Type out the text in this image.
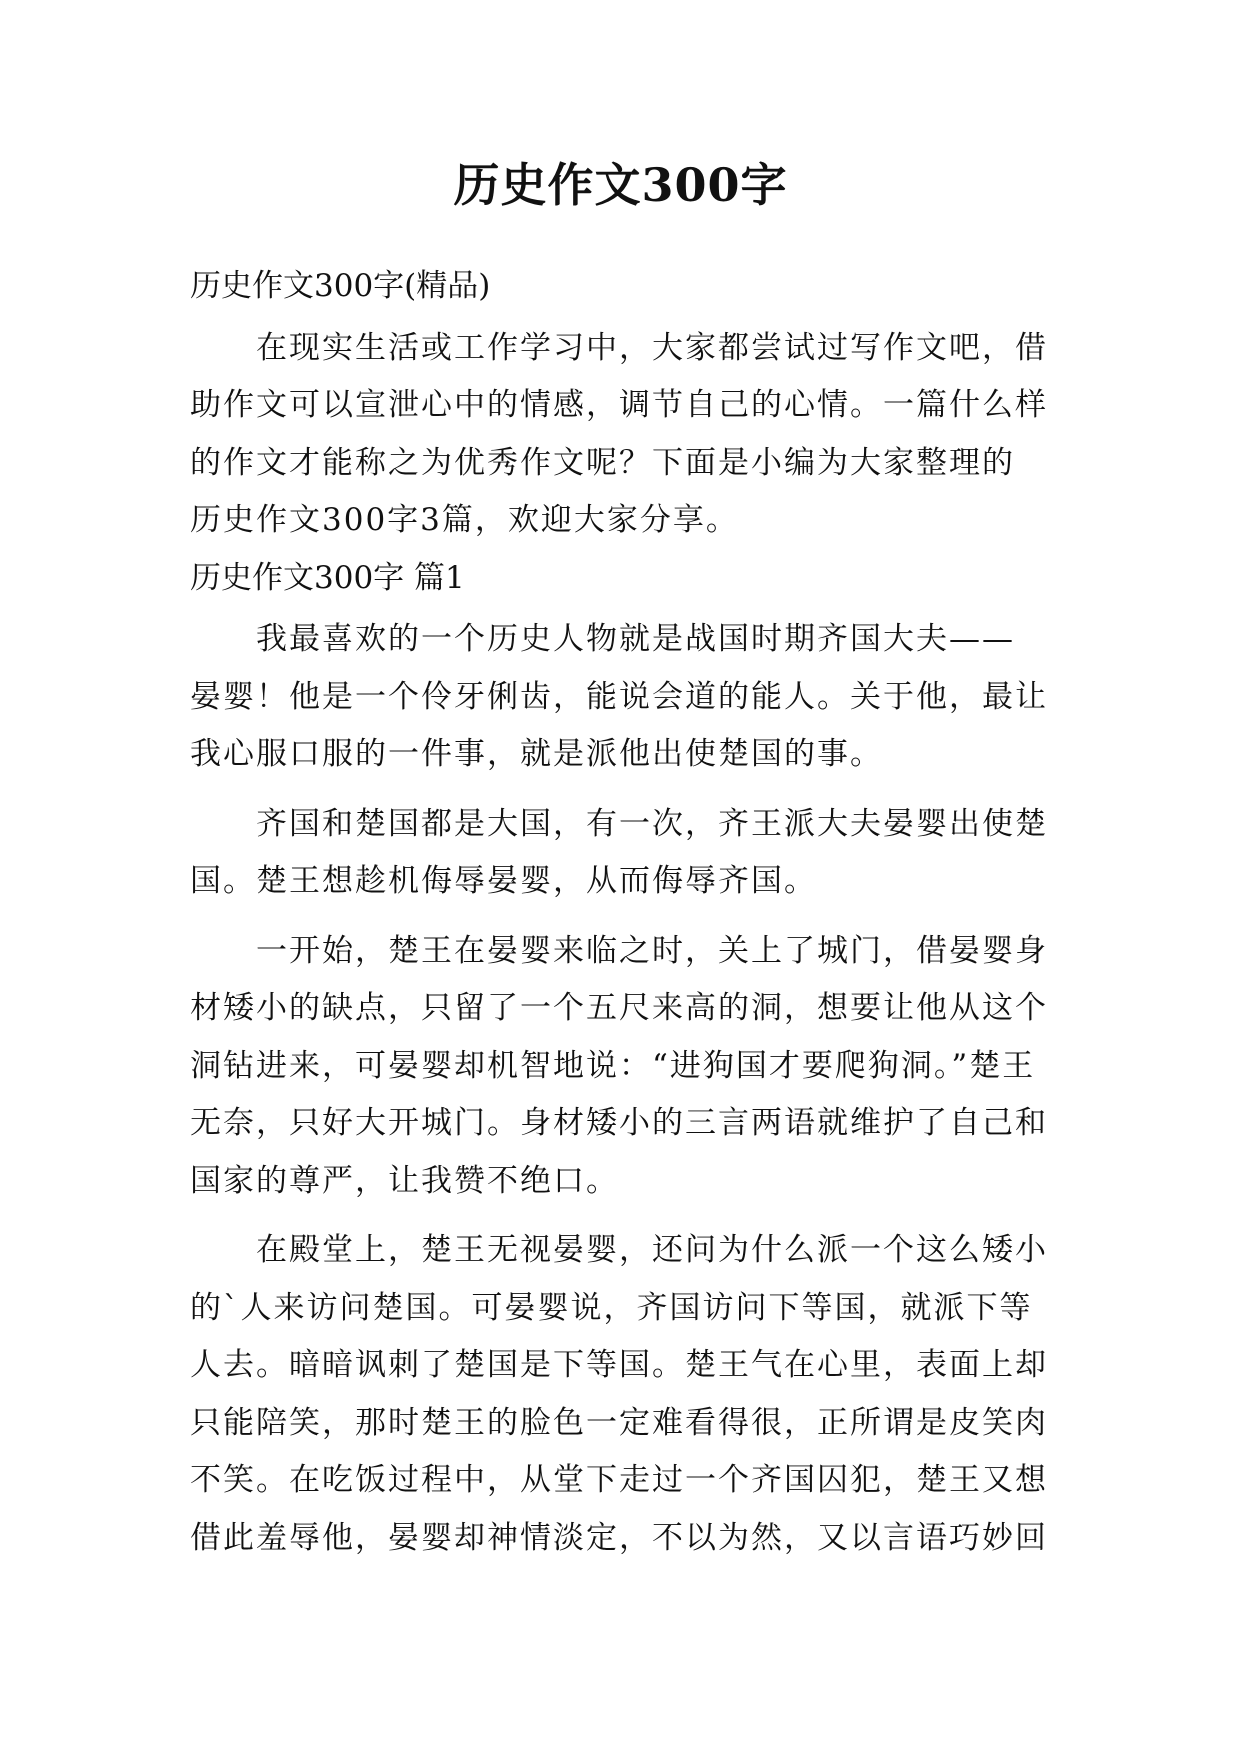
历史作文300字
历史作文300字(精品)
　　在现实生活或工作学习中，大家都尝试过写作文吧，借
助作文可以宣泄心中的情感，调节自己的心情。一篇什么样
的作文才能称之为优秀作文呢？下面是小编为大家整理的
历史作文300字3篇，欢迎大家分享。
历史作文300字 篇1
　　我最喜欢的一个历史人物就是战国时期齐国大夫——
晏婴！他是一个伶牙俐齿，能说会道的能人。关于他，最让
我心服口服的一件事，就是派他出使楚国的事。
　　齐国和楚国都是大国，有一次，齐王派大夫晏婴出使楚
国。楚王想趁机侮辱晏婴，从而侮辱齐国。
　　一开始，楚王在晏婴来临之时，关上了城门，借晏婴身
材矮小的缺点，只留了一个五尺来高的洞，想要让他从这个
洞钻进来，可晏婴却机智地说：“进狗国才要爬狗洞。”楚王
无奈，只好大开城门。身材矮小的三言两语就维护了自己和
国家的尊严，让我赞不绝口。
　　在殿堂上，楚王无视晏婴，还问为什么派一个这么矮小
的`人来访问楚国。可晏婴说，齐国访问下等国，就派下等
人去。暗暗讽刺了楚国是下等国。楚王气在心里，表面上却
只能陪笑，那时楚王的脸色一定难看得很，正所谓是皮笑肉
不笑。在吃饭过程中，从堂下走过一个齐国囚犯，楚王又想
借此羞辱他，晏婴却神情淡定，不以为然，又以言语巧妙回
